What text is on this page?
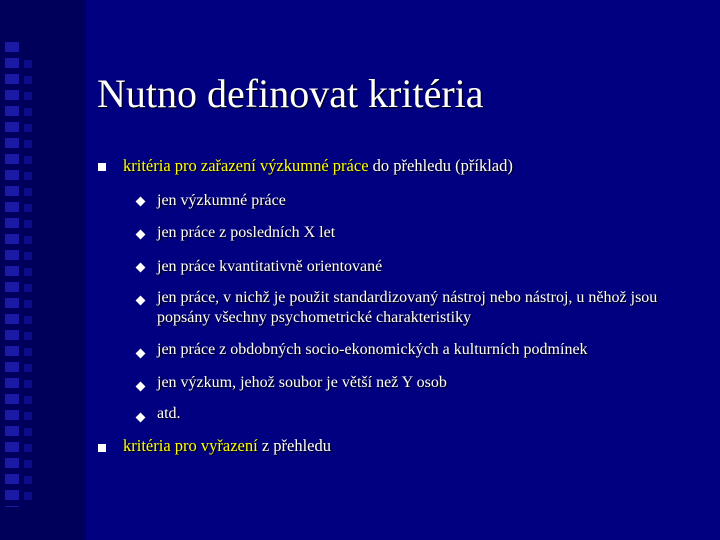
Nutno definovat kritéria
kritéria pro zařazení výzkumné práce do přehledu (příklad)
jen výzkumné práce
jen práce z posledních X let
jen práce kvantitativně orientované
jen práce, v nichž je použit standardizovaný nástroj nebo nástroj, u něhož jsou popsány všechny psychometrické charakteristiky
jen práce z obdobných socio-ekonomických a kulturních podmínek
jen výzkum, jehož soubor je větší než Y osob
atd.
kritéria pro vyřazení z přehledu
